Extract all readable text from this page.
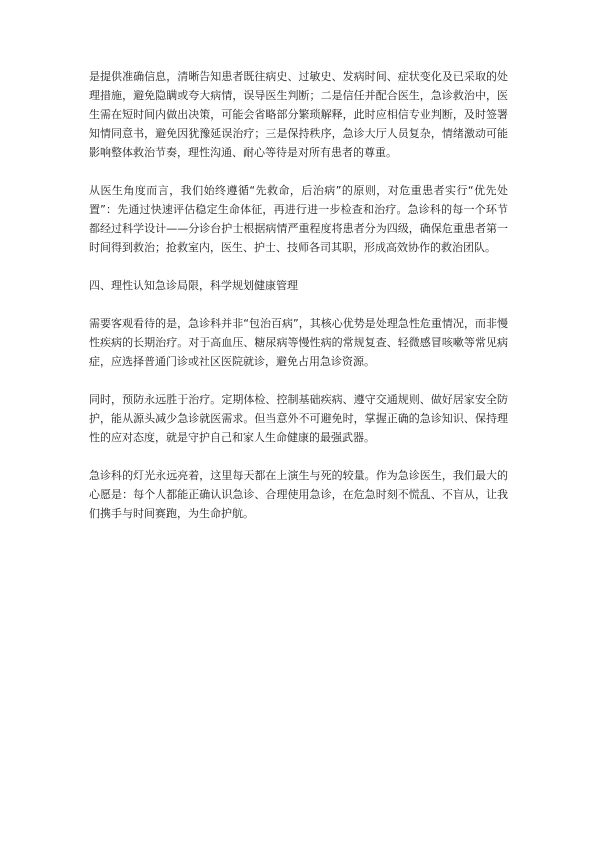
是提供准确信息，清晰告知患者既往病史、过敏史、发病时间、症状变化及已采取的处理措施，避免隐瞒或夸大病情，误导医生判断；二是信任并配合医生，急诊救治中，医生需在短时间内做出决策，可能会省略部分繁琐解释，此时应相信专业判断，及时签署知情同意书，避免因犹豫延误治疗；三是保持秩序，急诊大厅人员复杂，情绪激动可能影响整体救治节奏，理性沟通、耐心等待是对所有患者的尊重。

从医生角度而言，我们始终遵循“先救命，后治病”的原则，对危重患者实行“优先处置”：先通过快速评估稳定生命体征，再进行进一步检查和治疗。急诊科的每一个环节都经过科学设计——分诊台护士根据病情严重程度将患者分为四级，确保危重患者第一时间得到救治；抢救室内，医生、护士、技师各司其职，形成高效协作的救治团队。

四、理性认知急诊局限，科学规划健康管理

需要客观看待的是，急诊科并非“包治百病”，其核心优势是处理急性危重情况，而非慢性疾病的长期治疗。对于高血压、糖尿病等慢性病的常规复查、轻微感冒咳嗽等常见病症，应选择普通门诊或社区医院就诊，避免占用急诊资源。

同时，预防永远胜于治疗。定期体检、控制基础疾病、遵守交通规则、做好居家安全防护，能从源头减少急诊就医需求。但当意外不可避免时，掌握正确的急诊知识、保持理性的应对态度，就是守护自己和家人生命健康的最强武器。

急诊科的灯光永远亮着，这里每天都在上演生与死的较量。作为急诊医生，我们最大的心愿是：每个人都能正确认识急诊、合理使用急诊，在危急时刻不慌乱、不盲从，让我们携手与时间赛跑，为生命护航。
